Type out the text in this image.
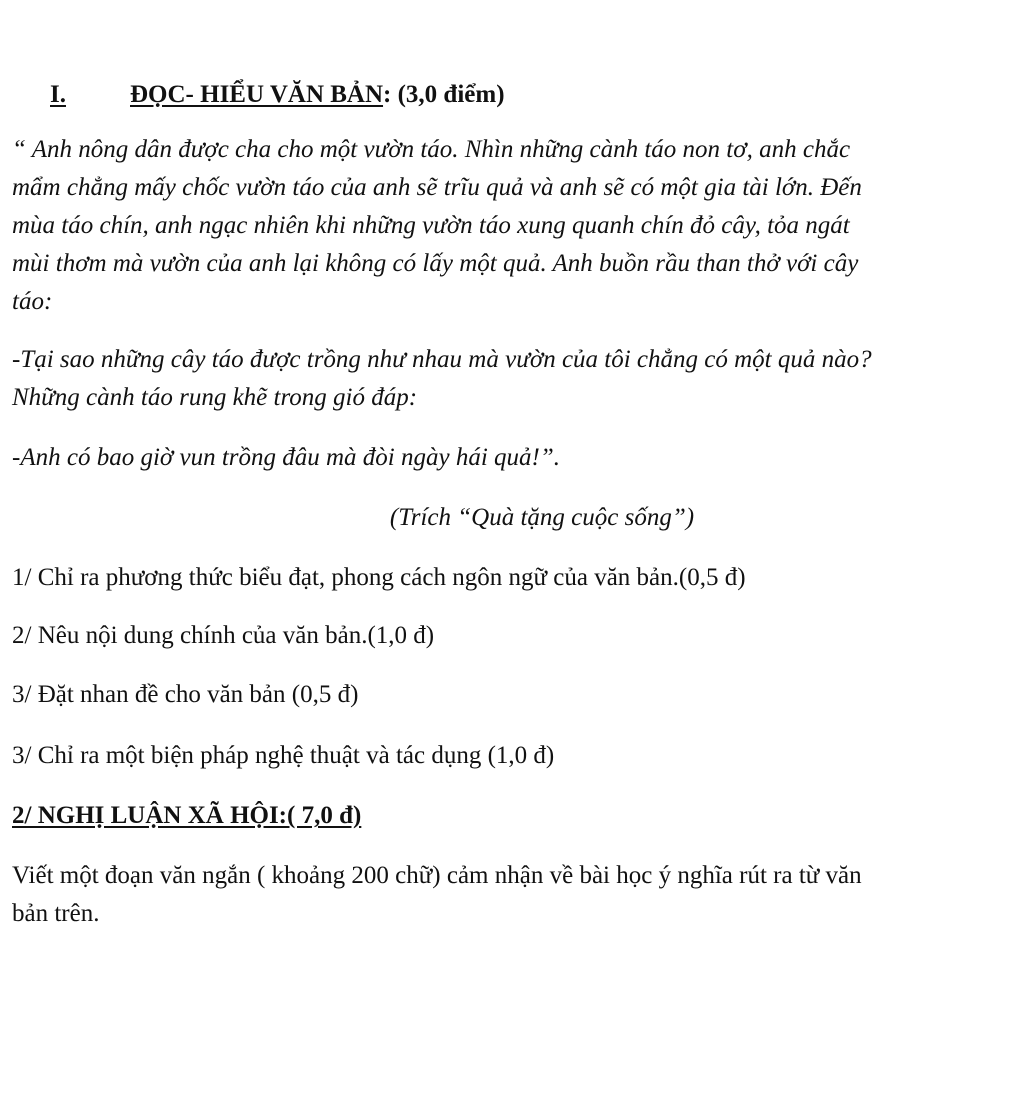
I.	ĐỌC- HIỂU VĂN BẢN: (3,0 điểm)
“ Anh nông dân được cha cho một vườn táo. Nhìn những cành táo non tơ, anh chắc
mẩm chẳng mấy chốc vườn táo của anh sẽ trĩu quả và anh sẽ có một gia tài lớn. Đến
mùa táo chín, anh ngạc nhiên khi những vườn táo xung quanh chín đỏ cây, tỏa ngát
mùi thơm mà vườn của anh lại không có lấy một quả. Anh buồn rầu than thở với cây
táo:
-Tại sao những cây táo được trồng như nhau mà vườn của tôi chẳng có một quả nào?
Những cành táo rung khẽ trong gió đáp:
-Anh có bao giờ vun trồng đâu mà đòi ngày hái quả!”.
(Trích “Quà tặng cuộc sống”)
1/ Chỉ ra phương thức biểu đạt, phong cách ngôn ngữ của văn bản.(0,5 đ)
2/ Nêu nội dung chính của văn bản.(1,0 đ)
3/ Đặt nhan đề cho văn bản (0,5 đ)
3/ Chỉ ra một biện pháp nghệ thuật và tác dụng (1,0 đ)
2/ NGHỊ LUẬN XÃ HỘI:( 7,0 đ)
Viết một đoạn văn ngắn ( khoảng 200 chữ) cảm nhận về bài học ý nghĩa rút ra từ văn
bản trên.
